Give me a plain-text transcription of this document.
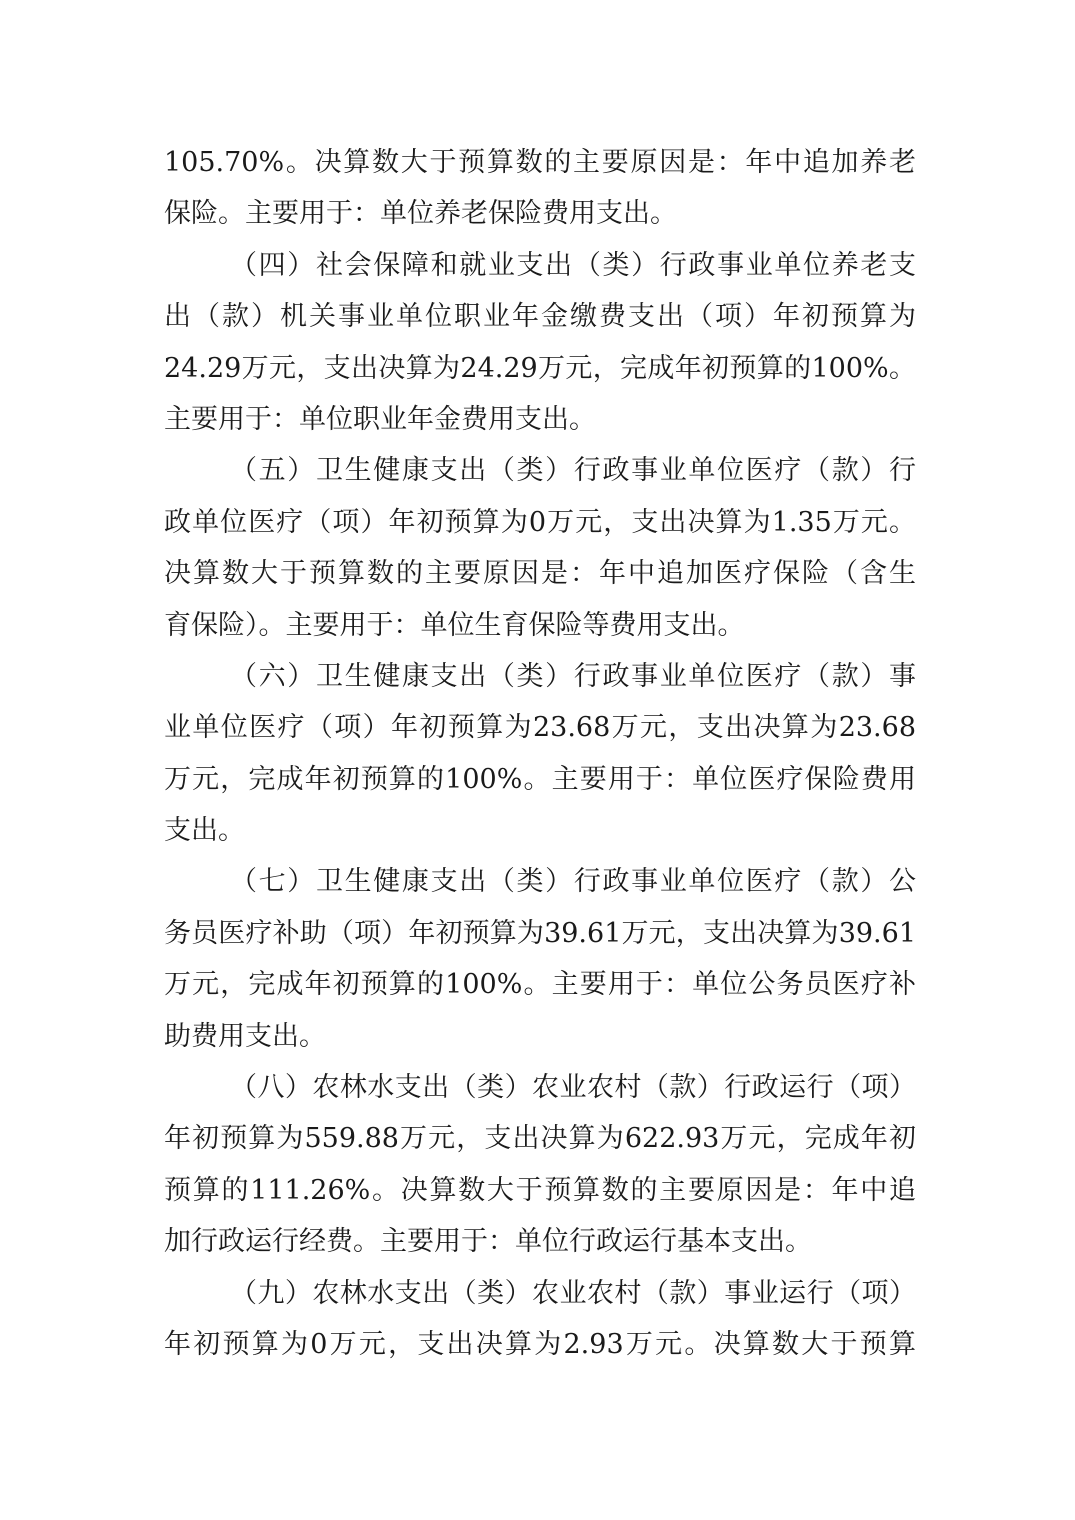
105.70%。决算数大于预算数的主要原因是：年中追加养老
保险。主要用于：单位养老保险费用支出。
（四）社会保障和就业支出（类）行政事业单位养老支
出（款）机关事业单位职业年金缴费支出（项）年初预算为
24.29万元，支出决算为24.29万元，完成年初预算的100%。
主要用于：单位职业年金费用支出。
（五）卫生健康支出（类）行政事业单位医疗（款）行
政单位医疗（项）年初预算为0万元，支出决算为1.35万元。
决算数大于预算数的主要原因是：年中追加医疗保险（含生
育保险）。主要用于：单位生育保险等费用支出。
（六）卫生健康支出（类）行政事业单位医疗（款）事
业单位医疗（项）年初预算为23.68万元，支出决算为23.68
万元，完成年初预算的100%。主要用于：单位医疗保险费用
支出。
（七）卫生健康支出（类）行政事业单位医疗（款）公
务员医疗补助（项）年初预算为39.61万元，支出决算为39.61
万元，完成年初预算的100%。主要用于：单位公务员医疗补
助费用支出。
（八）农林水支出（类）农业农村（款）行政运行（项）
年初预算为559.88万元，支出决算为622.93万元，完成年初
预算的111.26%。决算数大于预算数的主要原因是：年中追
加行政运行经费。主要用于：单位行政运行基本支出。
（九）农林水支出（类）农业农村（款）事业运行（项）
年初预算为0万元，支出决算为2.93万元。决算数大于预算
